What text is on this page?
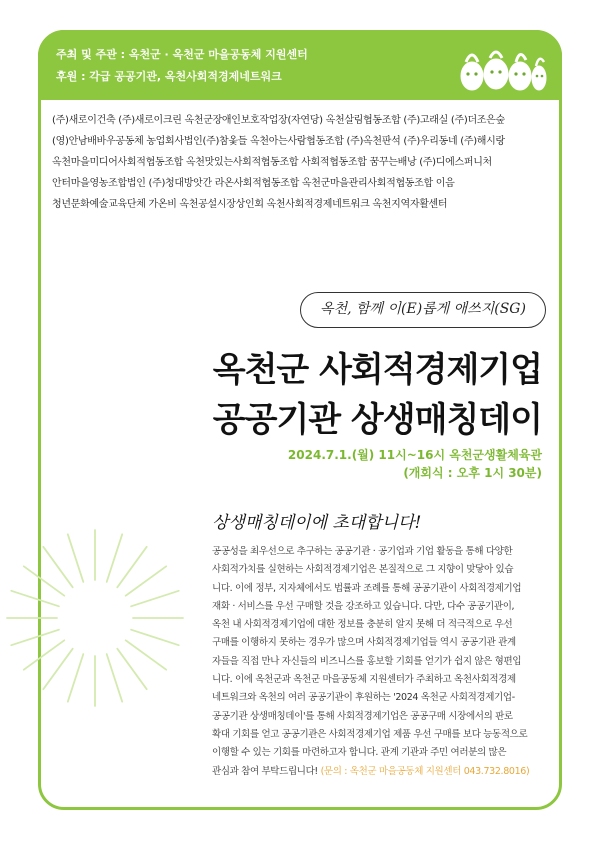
주최 및 주관 : 옥천군 · 옥천군 마을공동체 지원센터
후원 : 각급 공공기관, 옥천사회적경제네트워크
(주)새로이건축 (주)새로이크린 옥천군장애인보호작업장(자연당) 옥천살림협동조합 (주)고래실 (주)더조은숲
(영)안남배바우공동체 농업회사법인(주)참옻들 옥천아는사람협동조합 (주)옥천판석 (주)우리동네 (주)해시랑
옥천마을미디어사회적협동조합 옥천맛있는사회적협동조합 사회적협동조합 꿈꾸는배낭 (주)디에스퍼니처
안터마을영농조합법인 (주)청대방앗간 라온사회적협동조합 옥천군마을관리사회적협동조합 이음
청년문화예술교육단체 가온비 옥천공설시장상인회 옥천사회적경제네트워크 옥천지역자활센터
옥천, 함께 이(E)롭게 애쓰지(SG)
옥천군 사회적경제기업
공공기관 상생매칭데이
2024.7.1.(월) 11시~16시 옥천군생활체육관
(개회식 : 오후 1시 30분)
상생매칭데이에 초대합니다!
공공성을 최우선으로 추구하는 공공기관 · 공기업과 기업 활동을 통해 다양한
사회적가치를 실현하는 사회적경제기업은 본질적으로 그 지향이 맞닿아 있습
니다. 이에 정부, 지자체에서도 법률과 조례를 통해 공공기관이 사회적경제기업
재화 · 서비스를 우선 구매할 것을 강조하고 있습니다. 다만, 다수 공공기관이,
옥천 내 사회적경제기업에 대한 정보를 충분히 알지 못해 더 적극적으로 우선
구매를 이행하지 못하는 경우가 많으며 사회적경제기업들 역시 공공기관 관계
자들을 직접 만나 자신들의 비즈니스를 홍보할 기회를 얻기가 쉽지 않은 형편입
니다. 이에 옥천군과 옥천군 마을공동체 지원센터가 주최하고 옥천사회적경제
네트워크와 옥천의 여러 공공기관이 후원하는 '2024 옥천군 사회적경제기업-
공공기관 상생매칭데이'를 통해 사회적경제기업은 공공구매 시장에서의 판로
확대 기회를 얻고 공공기관은 사회적경제기업 제품 우선 구매를 보다 능동적으로
이행할 수 있는 기회를 마련하고자 합니다. 관계 기관과 주민 여러분의 많은
관심과 참여 부탁드립니다! (문의 : 옥천군 마을공동체 지원센터 043.732.8016)
